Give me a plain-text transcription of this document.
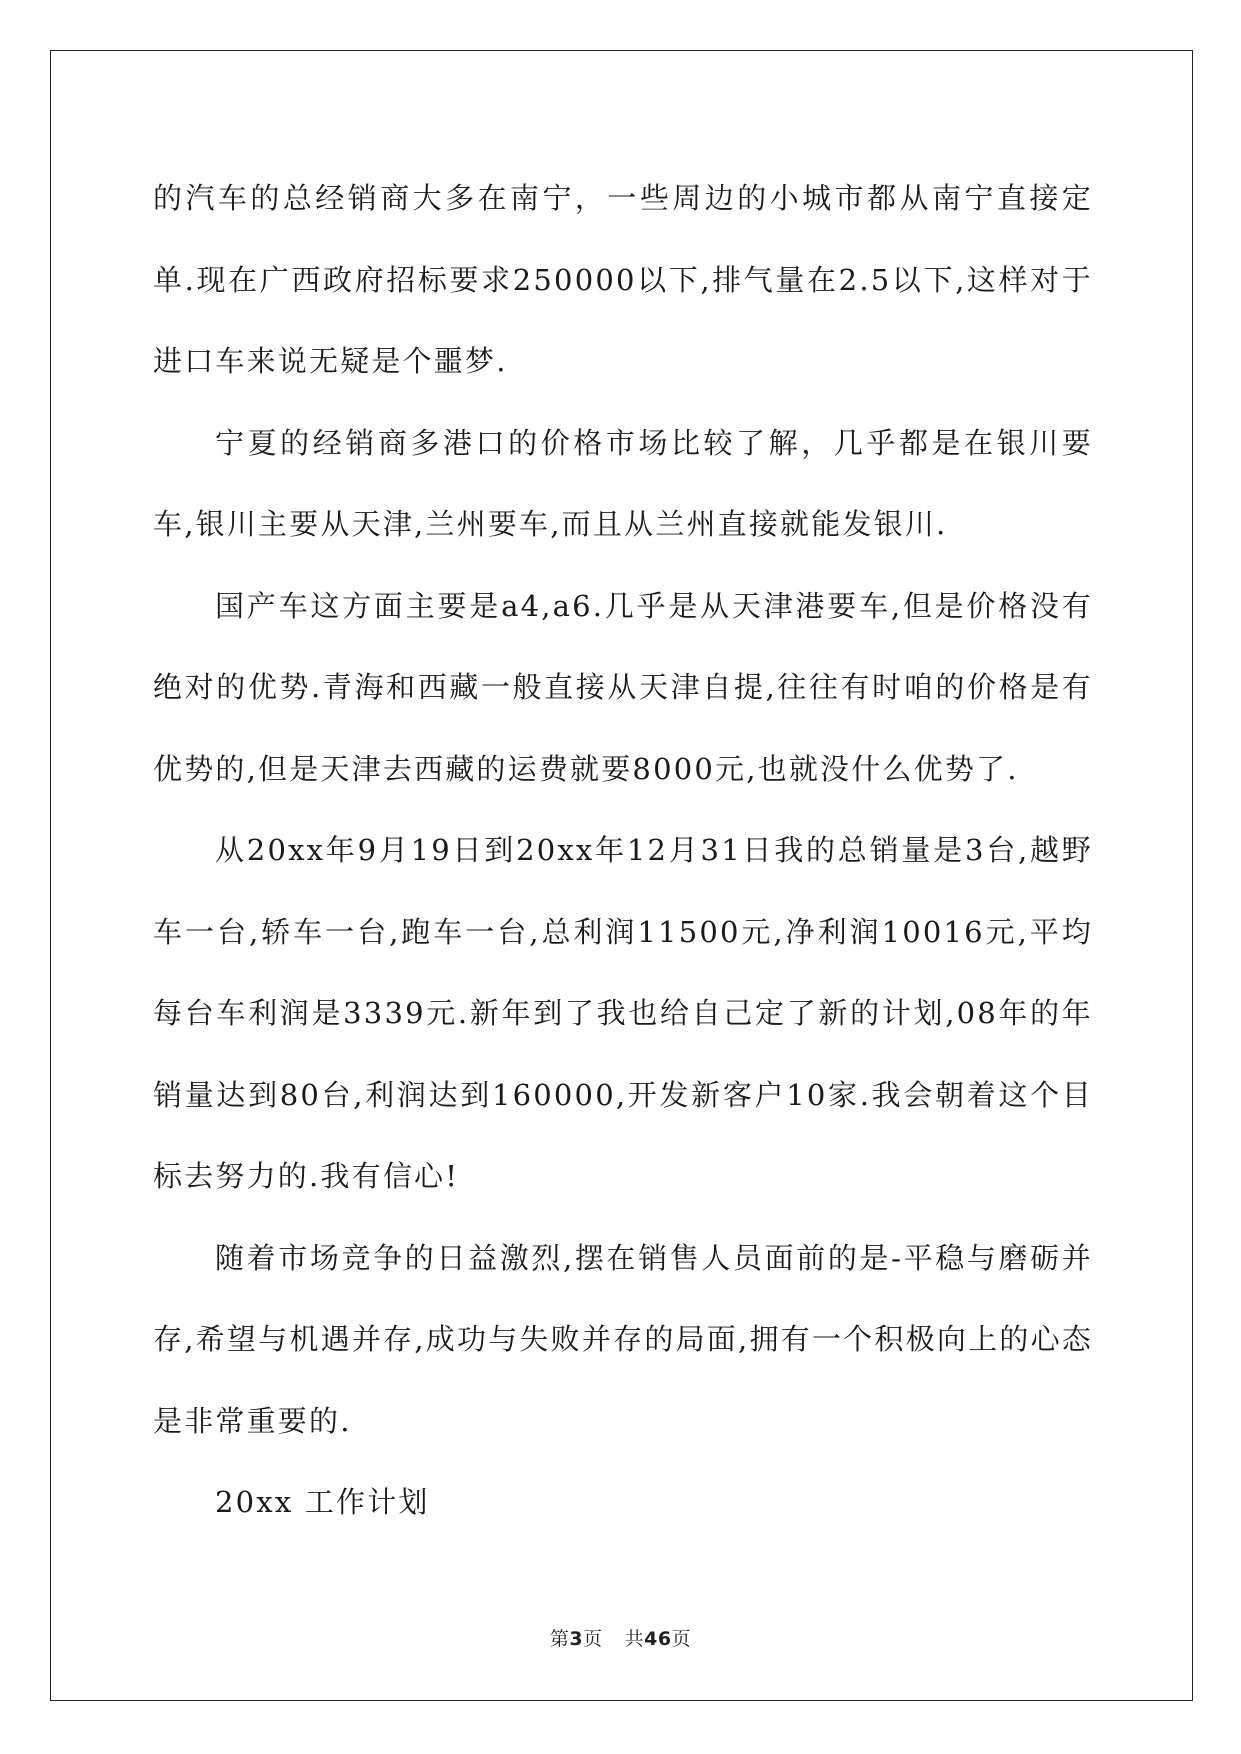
的汽车的总经销商大多在南宁，一些周边的小城市都从南宁直接定单.现在广西政府招标要求250000以下,排气量在2.5以下,这样对于进口车来说无疑是个噩梦.

宁夏的经销商多港口的价格市场比较了解，几乎都是在银川要车,银川主要从天津,兰州要车,而且从兰州直接就能发银川.

国产车这方面主要是a4,a6.几乎是从天津港要车,但是价格没有绝对的优势.青海和西藏一般直接从天津自提,往往有时咱的价格是有优势的,但是天津去西藏的运费就要8000元,也就没什么优势了.

从20xx年9月19日到20xx年12月31日我的总销量是3台,越野车一台,轿车一台,跑车一台,总利润11500元,净利润10016元,平均每台车利润是3339元.新年到了我也给自己定了新的计划,08年的年销量达到80台,利润达到160000,开发新客户10家.我会朝着这个目标去努力的.我有信心!

随着市场竞争的日益激烈,摆在销售人员面前的是-平稳与磨砺并存,希望与机遇并存,成功与失败并存的局面,拥有一个积极向上的心态是非常重要的.

20xx 工作计划

第3页 共46页
